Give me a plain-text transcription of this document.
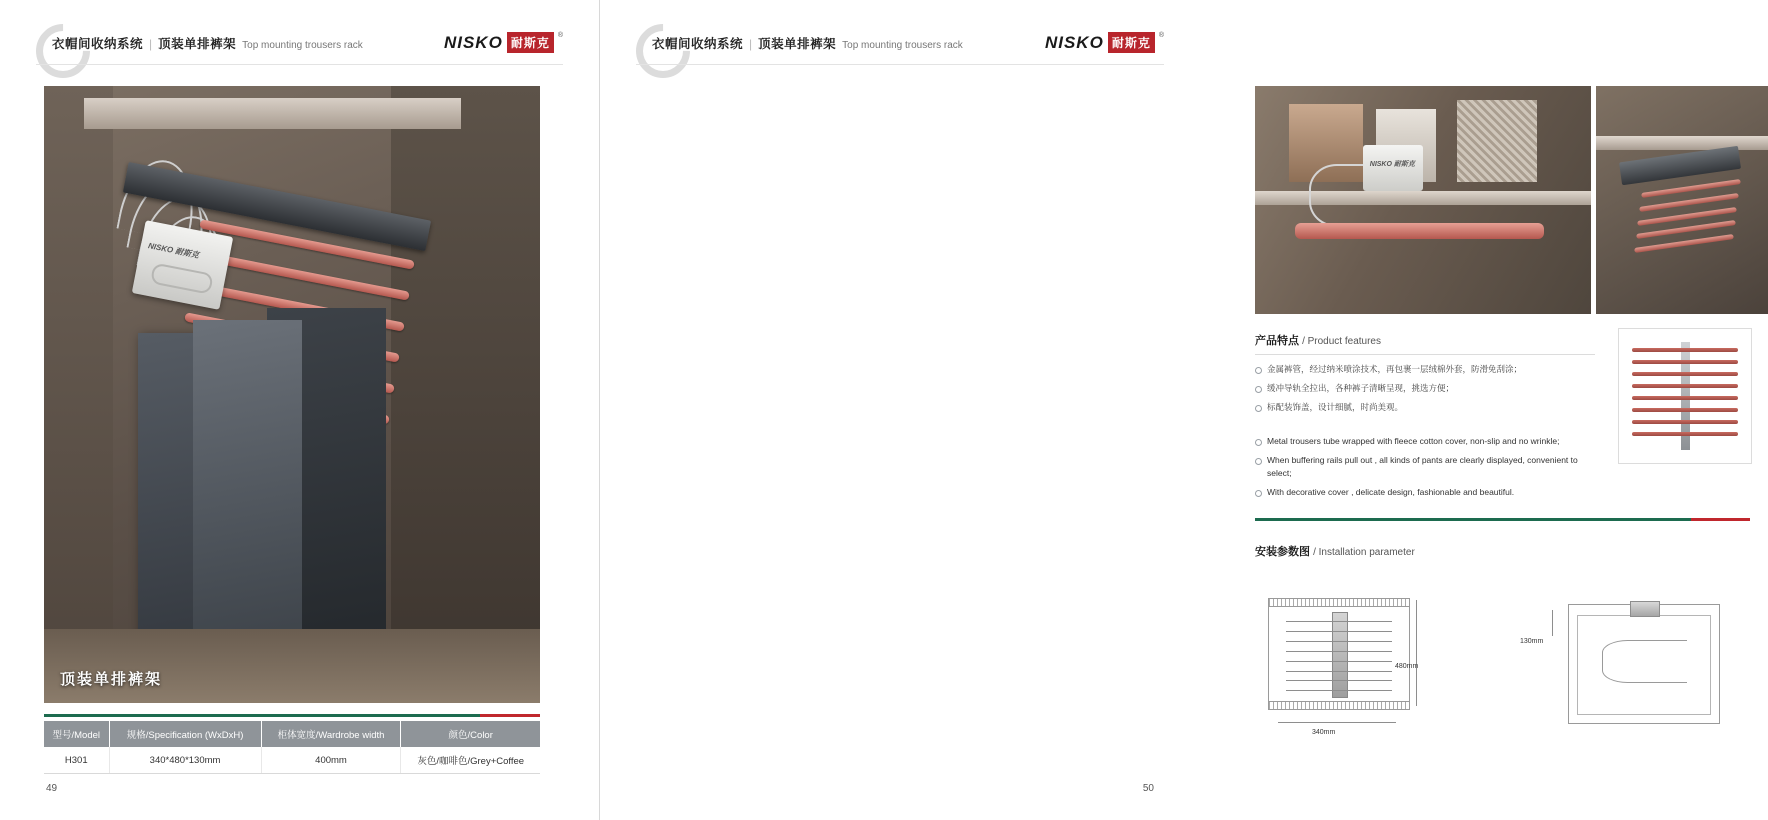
衣帽间收纳系统 | 顶装单排裤架 Top mounting trousers rack	NISKO 耐斯克
®
NISKO 耐斯克
顶装单排裤架
型号/Model	规格/Specification (WxDxH)	柜体宽度/Wardrobe width	颜色/Color
H301	340*480*130mm	400mm	灰色/咖啡色/Grey+Coffee
49
衣帽间收纳系统 | 顶装单排裤架 Top mounting trousers rack	NISKO 耐斯克
®
NISKO 耐斯克
产品特点 / Product features
金属裤管，经过纳米喷涂技术，再包裹一层绒棉外套，防滑免刮涂；
缓冲导轨全拉出，各种裤子清晰呈现，挑选方便；
标配装饰盖，设计细腻，时尚美观。
Metal trousers tube wrapped with fleece cotton cover, non-slip and no wrinkle;
When buffering rails pull out , all kinds of pants are clearly displayed, convenient to select;
With decorative cover , delicate design, fashionable and beautiful.
安装参数图 / Installation parameter
480mm
340mm
130mm
50
